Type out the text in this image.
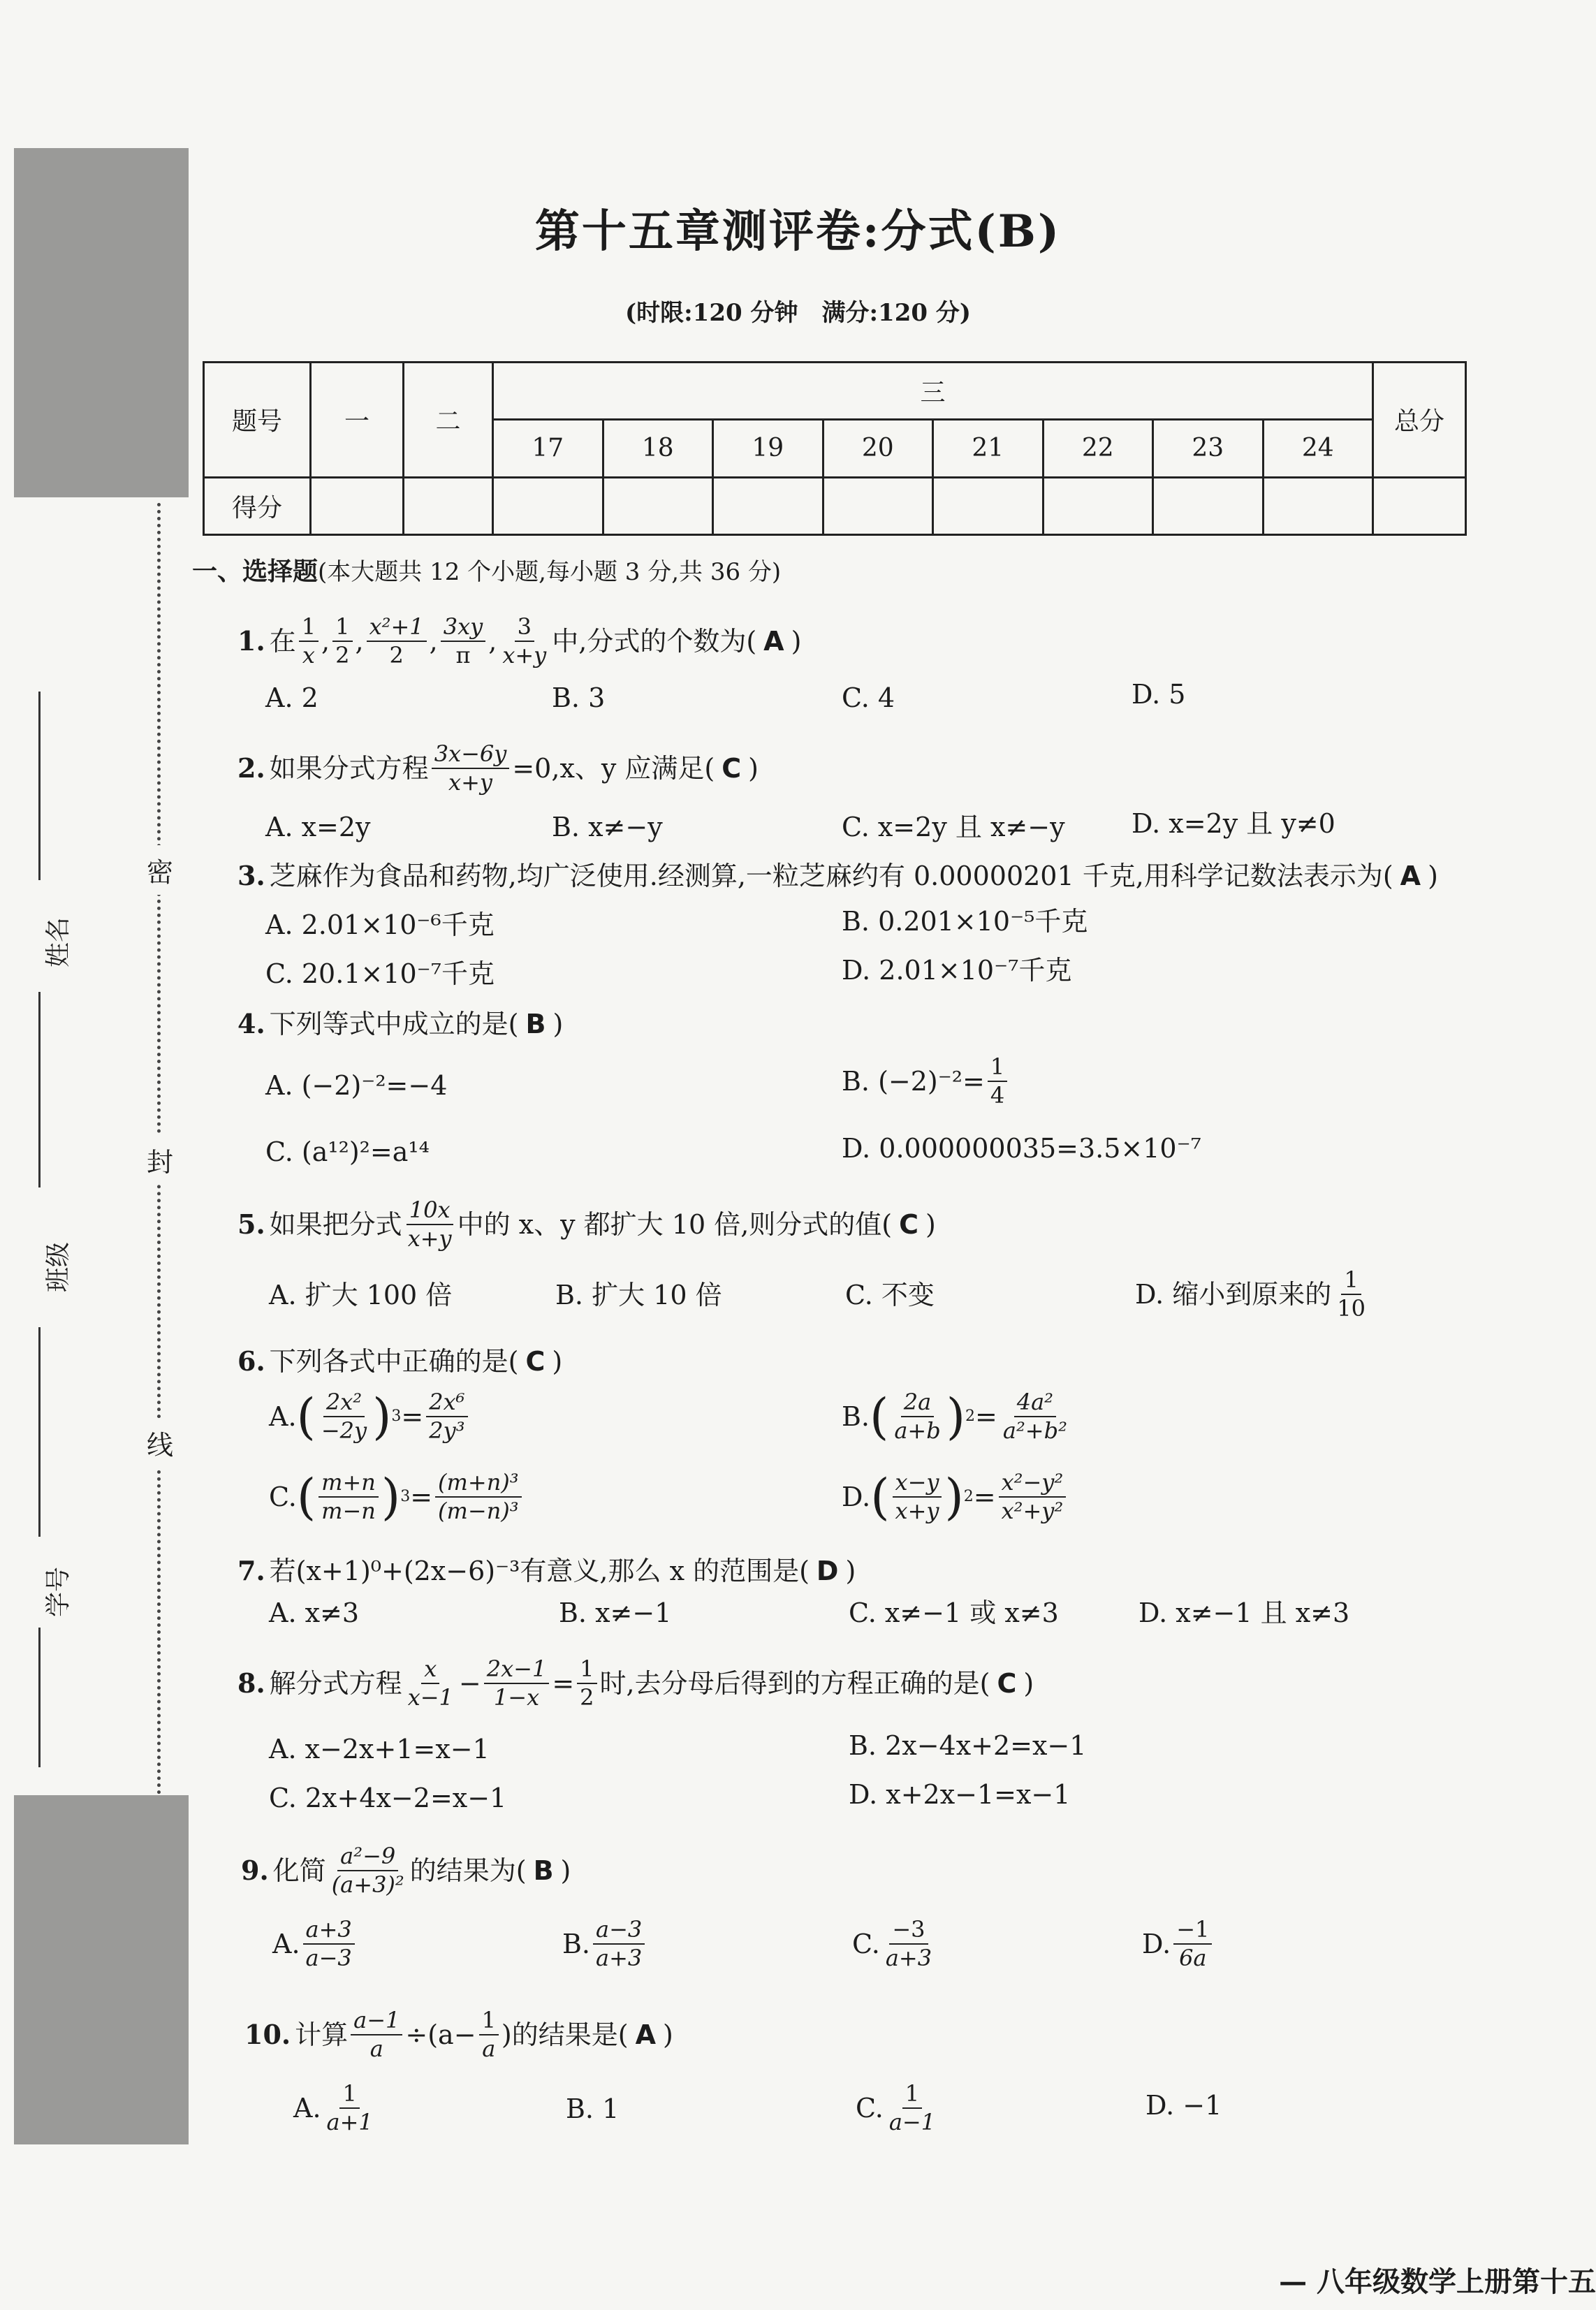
密
封
线
姓名
班级
学号
第十五章测评卷:分式(B)
(时限:120 分钟　满分:120 分)
题号	一	二	三								总分
			17	18	19	20	21	22	23	24	
得分											
一、选择题(本大题共 12 个小题,每小题 3 分,共 36 分)
1. 在 $\frac{1}{x}$ , $\frac{1}{2}$ , $\frac{\text{x²+1}}{2}$ , $\frac{3xy}{\pi}$ , $\frac{3}{x+y}$ 中,分式的个数为( A )
A. 2	B. 3	C. 4	D. 5
2. 如果分式方程 $\frac{3x-6y}{x+y} =0,x$、y 应满足( C )
A. x=2y	B. x≠−y	C. x=2y 且 x≠−y	D. x=2y 且 y≠0
3. 芝麻作为食品和药物,均广泛使用.经测算,一粒芝麻约有 0.00000201 千克,用科学记数法表示为( A )
A. 2.01×10⁻⁶千克	B. 0.201×10⁻⁵千克
C. 20.1×10⁻⁷千克	D. 2.01×10⁻⁷千克
4. 下列等式中成立的是( B )
A. (−2)⁻²=−4	B. $(-2)^{-2}= \frac{1}{4}$
C. (a¹²)²=a¹⁴	D. 0.000000035=3.5×10⁻⁷
5. 如果把分式 $\frac{10x}{x+y}$ 中的 x、y 都扩大 10 倍,则分式的值( C )
A. 扩大 100 倍	B. 扩大 10 倍	C. 不变	D. 缩小到原来的 $\frac{1}{10}$
6. 下列各式中正确的是( C )
A. ( $\frac{\text{2x²}}{-2y}$ ) $3 = \frac{\text{2x⁶}}{\text{2y³}}$	B. ( $\frac{2a}{a+b}$ ) $2 = \frac{\text{4a²}}{\text{a²+b²}}$
C. ( $\frac{m+n}{m-n}$ ) $3 = \frac{\text{(m+n)³}}{\text{(m−n)³}}$	D. ( $\frac{x-y}{x+y}$ ) $2 = \frac{\text{x²−y²}}{\text{x²+y²}}$
7. 若(x+1)⁰+(2x−6)⁻³有意义,那么 x 的范围是( D )
A. x≠3	B. x≠−1	C. x≠−1 或 x≠3	D. x≠−1 且 x≠3
8. 解分式方程 $\frac{x}{x-1} - \frac{2x-1}{1-x} = \frac{1}{2}$ 时,去分母后得到的方程正确的是( C )
A. x−2x+1=x−1	B. 2x−4x+2=x−1
C. 2x+4x−2=x−1	D. x+2x−1=x−1
9. 化简 $\frac{\text{a²−9}}{\text{(a+3)²}}$ 的结果为( B )
A. $\frac{a+3}{a-3}$	B. $\frac{a-3}{a+3}$	C. $\frac{-3}{a+3}$	D. $\frac{-1}{6a}$
10. 计算 $\frac{a-1}{a} \div(a- \frac{1}{a}$ )的结果是( A )
A. $\frac{1}{a+1}$	B. 1	C. $\frac{1}{a-1}$	D. −1
— 八年级数学上册第十五
